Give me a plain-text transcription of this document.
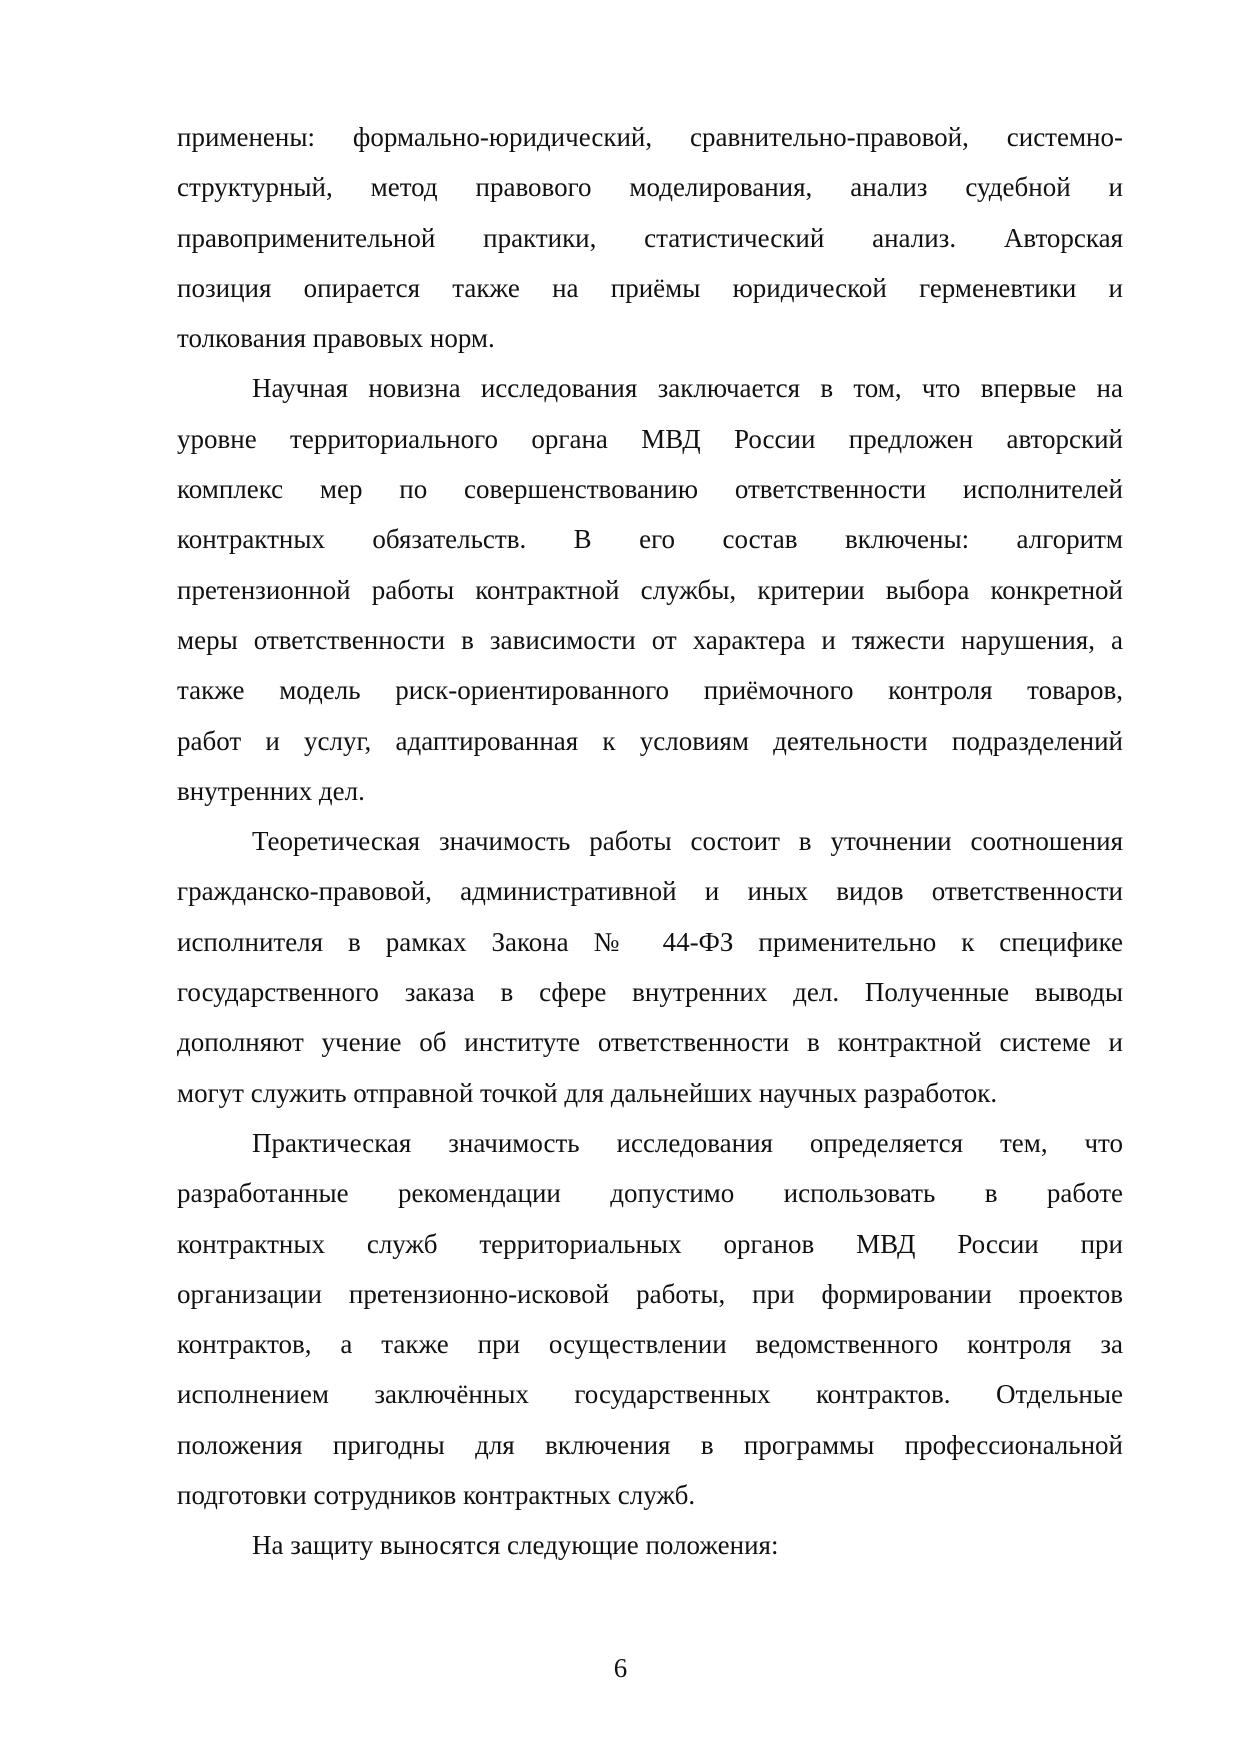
применены: формально-юридический, сравнительно-правовой, системно-
структурный, метод правового моделирования, анализ судебной и
правоприменительной практики, статистический анализ. Авторская
позиция опирается также на приёмы юридической герменевтики и
толкования правовых норм.
Научная новизна исследования заключается в том, что впервые на
уровне территориального органа МВД России предложен авторский
комплекс мер по совершенствованию ответственности исполнителей
контрактных обязательств. В его состав включены: алгоритм
претензионной работы контрактной службы, критерии выбора конкретной
меры ответственности в зависимости от характера и тяжести нарушения, а
также модель риск-ориентированного приёмочного контроля товаров,
работ и услуг, адаптированная к условиям деятельности подразделений
внутренних дел.
Теоретическая значимость работы состоит в уточнении соотношения
гражданско-правовой, административной и иных видов ответственности
исполнителя в рамках Закона № 44-ФЗ применительно к специфике
государственного заказа в сфере внутренних дел. Полученные выводы
дополняют учение об институте ответственности в контрактной системе и
могут служить отправной точкой для дальнейших научных разработок.
Практическая значимость исследования определяется тем, что
разработанные рекомендации допустимо использовать в работе
контрактных служб территориальных органов МВД России при
организации претензионно-исковой работы, при формировании проектов
контрактов, а также при осуществлении ведомственного контроля за
исполнением заключённых государственных контрактов. Отдельные
положения пригодны для включения в программы профессиональной
подготовки сотрудников контрактных служб.
На защиту выносятся следующие положения:
6
